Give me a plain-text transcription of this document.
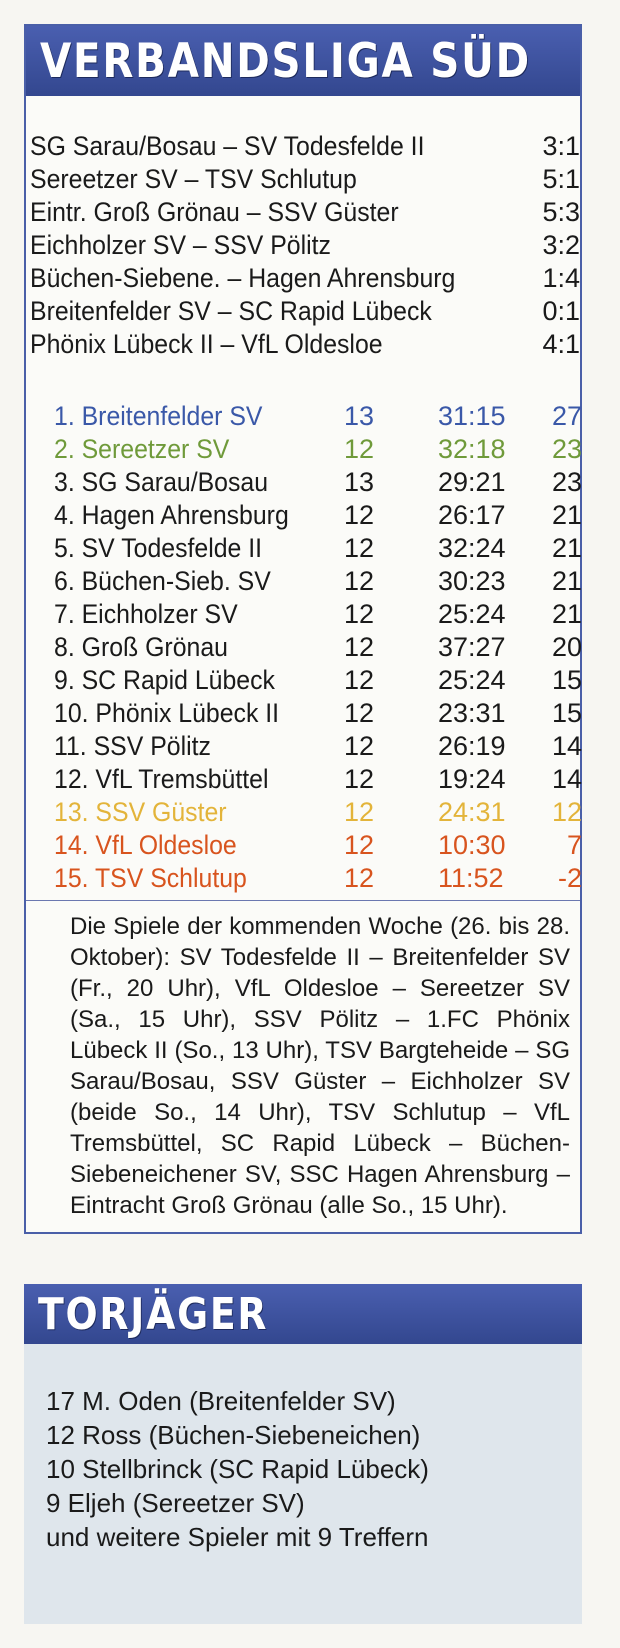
VERBANDSLIGA SÜD
SG Sarau/Bosau – SV Todesfelde II	3:1
Sereetzer SV – TSV Schlutup	5:1
Eintr. Groß Grönau – SSV Güster	5:3
Eichholzer SV – SSV Pölitz	3:2
Büchen-Siebene. – Hagen Ahrensburg	1:4
Breitenfelder SV – SC Rapid Lübeck	0:1
Phönix Lübeck II – VfL Oldesloe	4:1
1. Breitenfelder SV	13 31:15 27
2. Sereetzer SV	12 32:18 23
3. SG Sarau/Bosau	13 29:21 23
4. Hagen Ahrensburg 12 26:17 21
5. SV Todesfelde II	12 32:24 21
6. Büchen-Sieb. SV	12 30:23 21
7. Eichholzer SV	12 25:24 21
8. Groß Grönau	12 37:27 20
9. SC Rapid Lübeck	12 25:24 15
10. Phönix Lübeck II 12 23:31 15
11. SSV Pölitz	12 26:19 14
12. VfL Tremsbüttel	12 19:24 14
13. SSV Güster	12 24:31 12
14. VfL Oldesloe	12 10:30 7
15. TSV Schlutup	12 11:52 -2
Die Spiele der kommenden Woche (26. bis 28. Oktober): SV Todesfelde II – Breitenfelder SV (Fr., 20 Uhr), VfL Oldesloe – Sereetzer SV (Sa., 15 Uhr), SSV Pölitz – 1.FC Phönix Lübeck II (So., 13 Uhr), TSV Bargteheide – SG Sarau/Bosau, SSV Güster – Eichholzer SV (beide So., 14 Uhr), TSV Schlutup – VfL Tremsbüttel, SC Rapid Lübeck – Büchen-Siebeneichener SV, SSC Hagen Ahrensburg – Eintracht Groß Grönau (alle So., 15 Uhr).
TORJÄGER
17 M. Oden (Breitenfelder SV)
12 Ross (Büchen-Siebeneichen)
10 Stellbrinck (SC Rapid Lübeck)
9 Eljeh (Sereetzer SV)
und weitere Spieler mit 9 Treffern
